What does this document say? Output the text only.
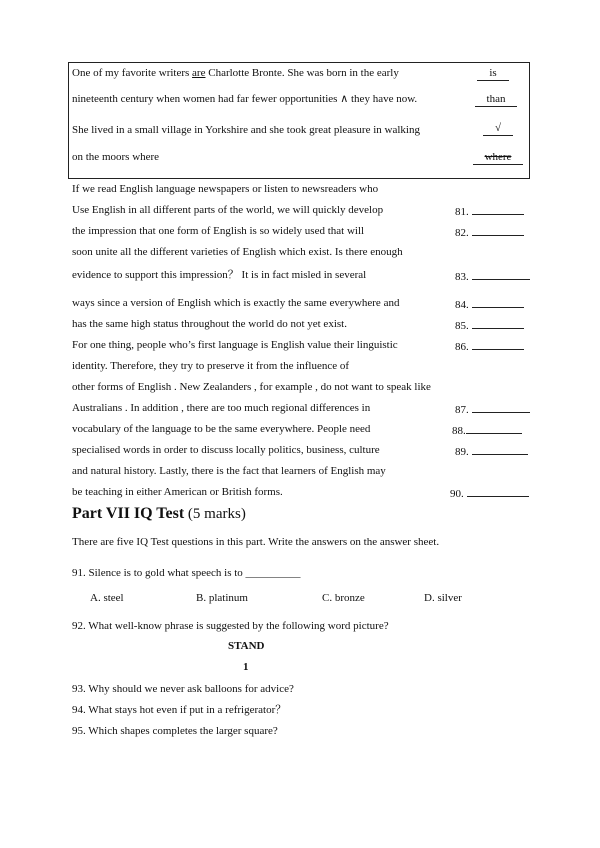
One of my favorite writers are Charlotte Bronte. She was born in the early	is
nineteenth century when women had far fewer opportunities ∧ they have now.	than
She lived in a small village in Yorkshire and she took great pleasure in walking	√
on the moors where	where
If we read English language newspapers or listen to newsreaders who
Use English in all different parts of the world, we will quickly develop	81.
the impression that one form of English is so widely used that will	82.
soon unite all the different varieties of English which exist. Is there enough
evidence to support this impression？ It is in fact misled in several	83.
ways since a version of English which is exactly the same everywhere and	84.
has the same high status throughout the world do not yet exist.	85.
For one thing, people who’s first language is English value their linguistic	86.
identity. Therefore, they try to preserve it from the influence of
other forms of English . New Zealanders , for example , do not want to speak like
Australians . In addition , there are too much regional differences in	87.
vocabulary of the language to be the same everywhere. People need	88.
specialised words in order to discuss locally politics, business, culture	89.
and natural history. Lastly, there is the fact that learners of English may
be teaching in either American or British forms.	90.
Part VII IQ Test (5 marks)
There are five IQ Test questions in this part. Write the answers on the answer sheet.
91. Silence is to gold what speech is to __________
A. steel	B. platinum	C. bronze	D. silver
92. What well-know phrase is suggested by the following word picture?
STAND
1
93. Why should we never ask balloons for advice?
94. What stays hot even if put in a refrigerator？
95. Which shapes completes the larger square?
